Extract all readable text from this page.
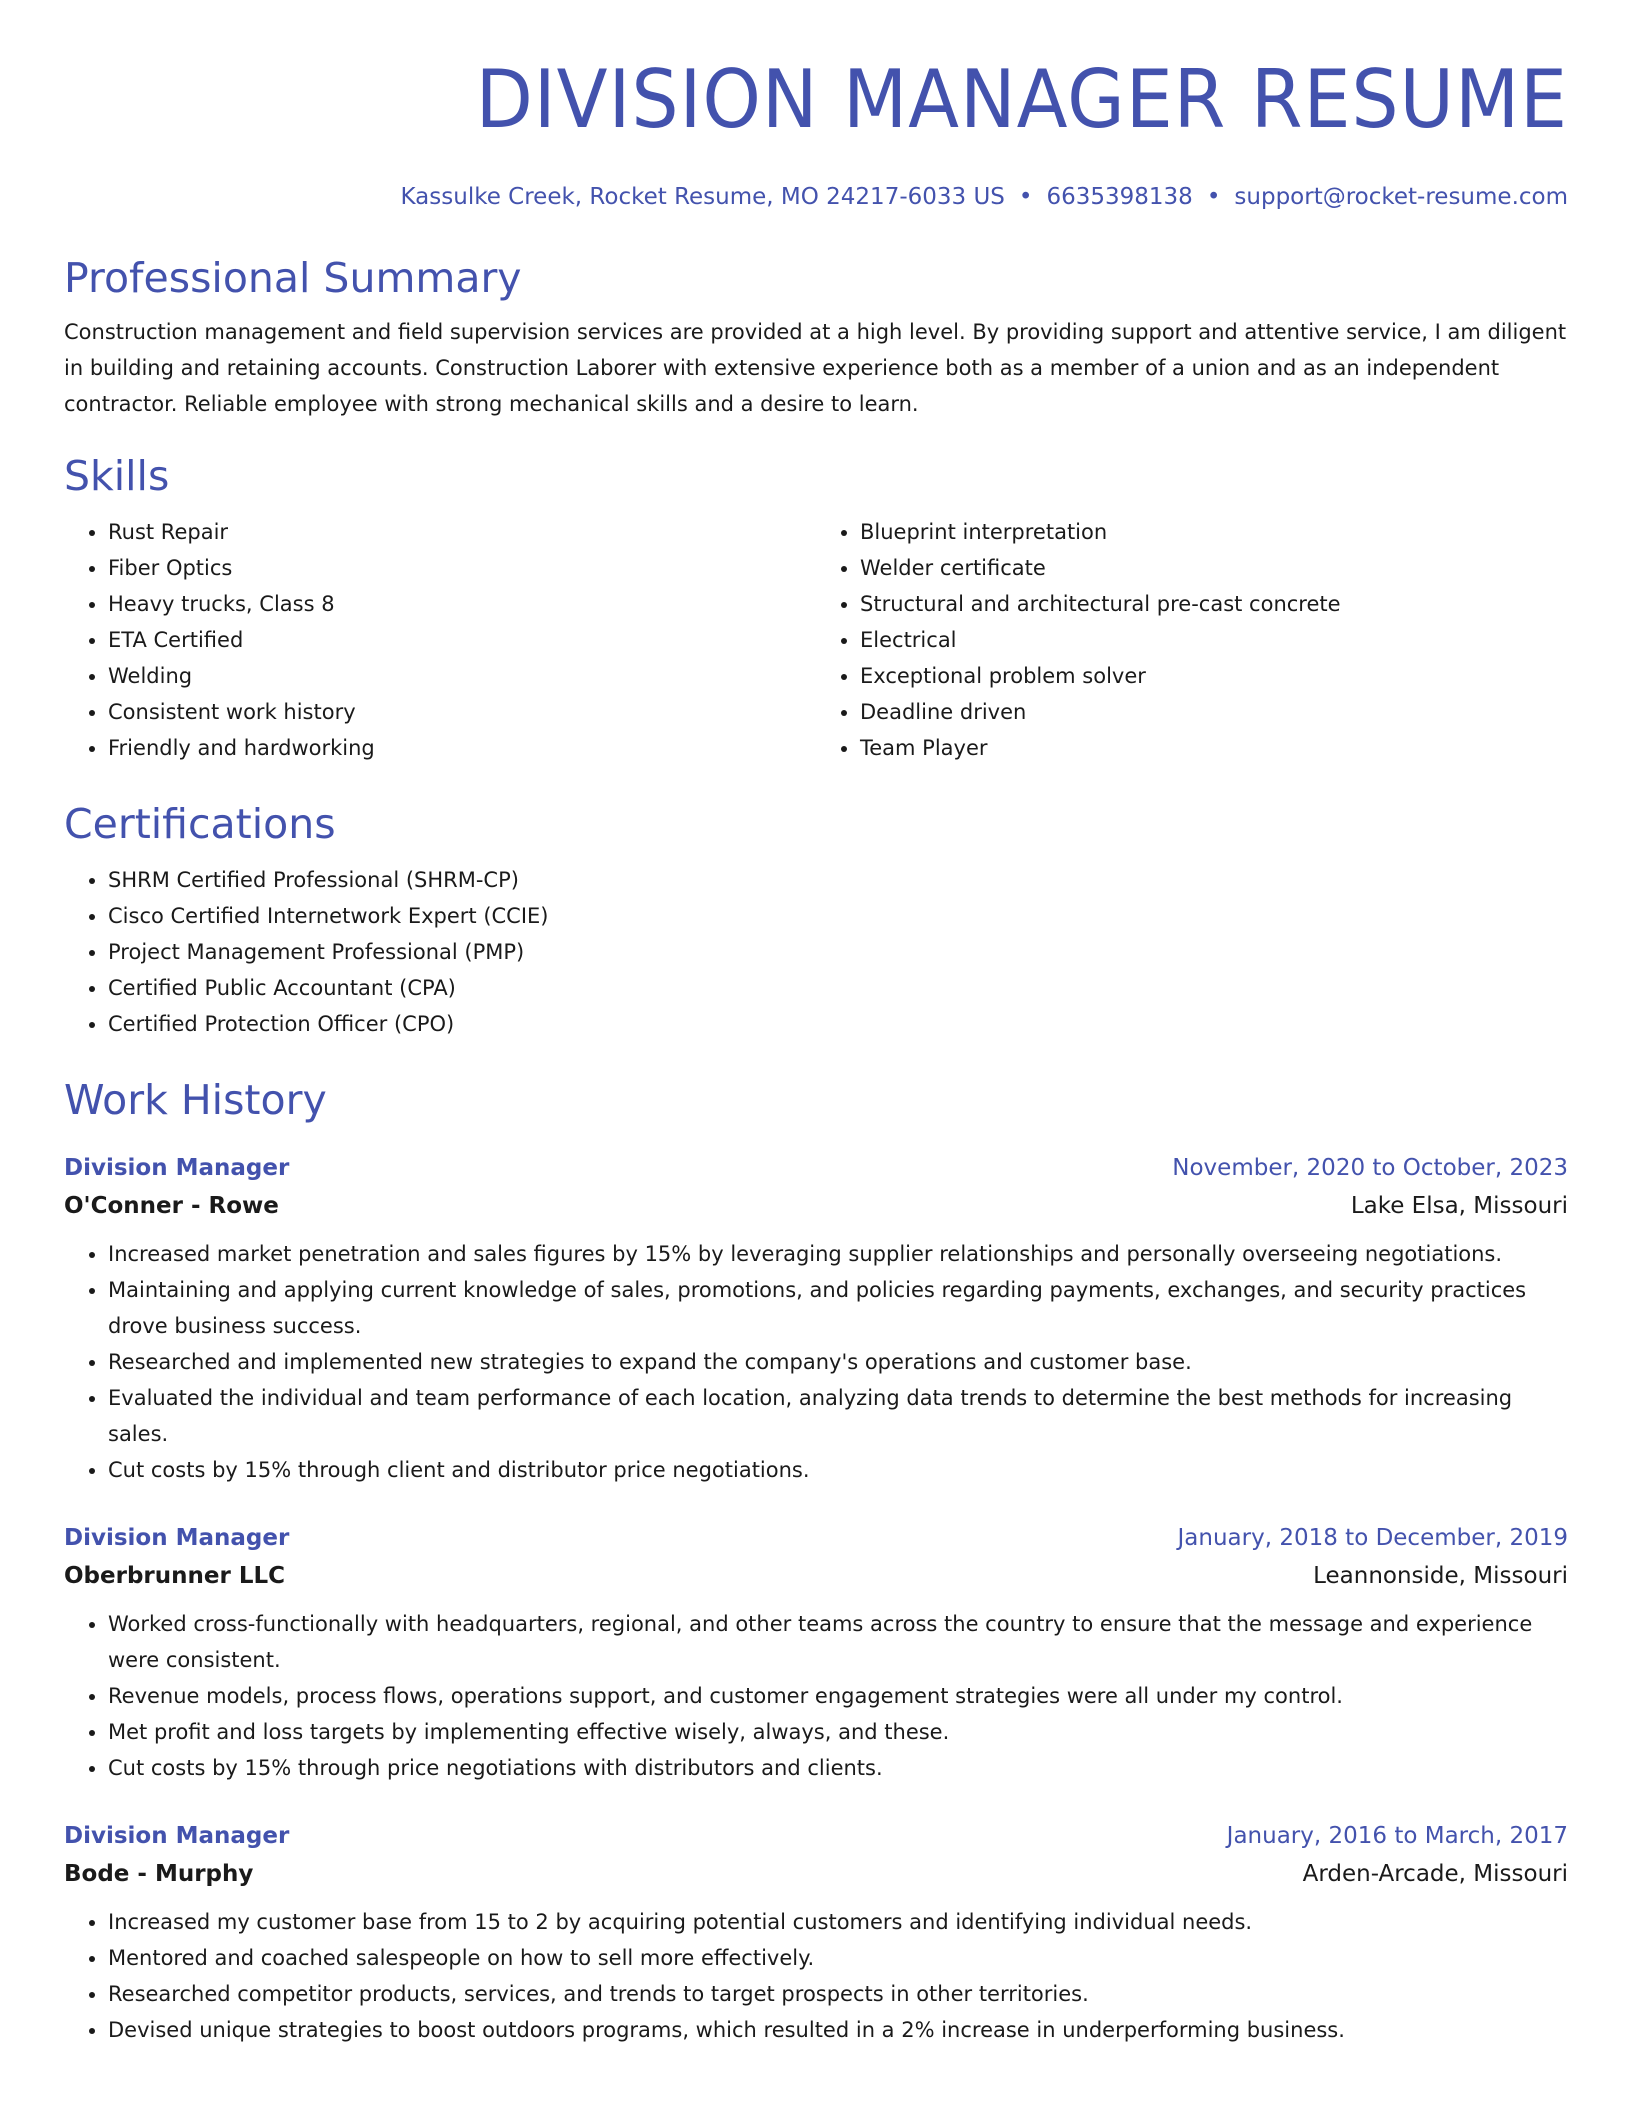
DIVISION MANAGER RESUME
Kassulke Creek, Rocket Resume, MO 24217-6033 US • 6635398138 • support@rocket-resume.com
Professional Summary
Construction management and field supervision services are provided at a high level. By providing support and attentive service, I am diligent in building and retaining accounts. Construction Laborer with extensive experience both as a member of a union and as an independent contractor. Reliable employee with strong mechanical skills and a desire to learn.
Skills
• Rust Repair
• Fiber Optics
• Heavy trucks, Class 8
• ETA Certified
• Welding
• Consistent work history
• Friendly and hardworking
• Blueprint interpretation
• Welder certificate
• Structural and architectural pre-cast concrete
• Electrical
• Exceptional problem solver
• Deadline driven
• Team Player
Certifications
• SHRM Certified Professional (SHRM-CP)
• Cisco Certified Internetwork Expert (CCIE)
• Project Management Professional (PMP)
• Certified Public Accountant (CPA)
• Certified Protection Officer (CPO)
Work History
Division Manager	November, 2020 to October, 2023
O'Conner - Rowe	Lake Elsa, Missouri
• Increased market penetration and sales figures by 15% by leveraging supplier relationships and personally overseeing negotiations.
• Maintaining and applying current knowledge of sales, promotions, and policies regarding payments, exchanges, and security practices drove business success.
• Researched and implemented new strategies to expand the company's operations and customer base.
• Evaluated the individual and team performance of each location, analyzing data trends to determine the best methods for increasing sales.
• Cut costs by 15% through client and distributor price negotiations.
Division Manager	January, 2018 to December, 2019
Oberbrunner LLC	Leannonside, Missouri
• Worked cross-functionally with headquarters, regional, and other teams across the country to ensure that the message and experience were consistent.
• Revenue models, process flows, operations support, and customer engagement strategies were all under my control.
• Met profit and loss targets by implementing effective wisely, always, and these.
• Cut costs by 15% through price negotiations with distributors and clients.
Division Manager	January, 2016 to March, 2017
Bode - Murphy	Arden-Arcade, Missouri
• Increased my customer base from 15 to 2 by acquiring potential customers and identifying individual needs.
• Mentored and coached salespeople on how to sell more effectively.
• Researched competitor products, services, and trends to target prospects in other territories.
• Devised unique strategies to boost outdoors programs, which resulted in a 2% increase in underperforming business.
